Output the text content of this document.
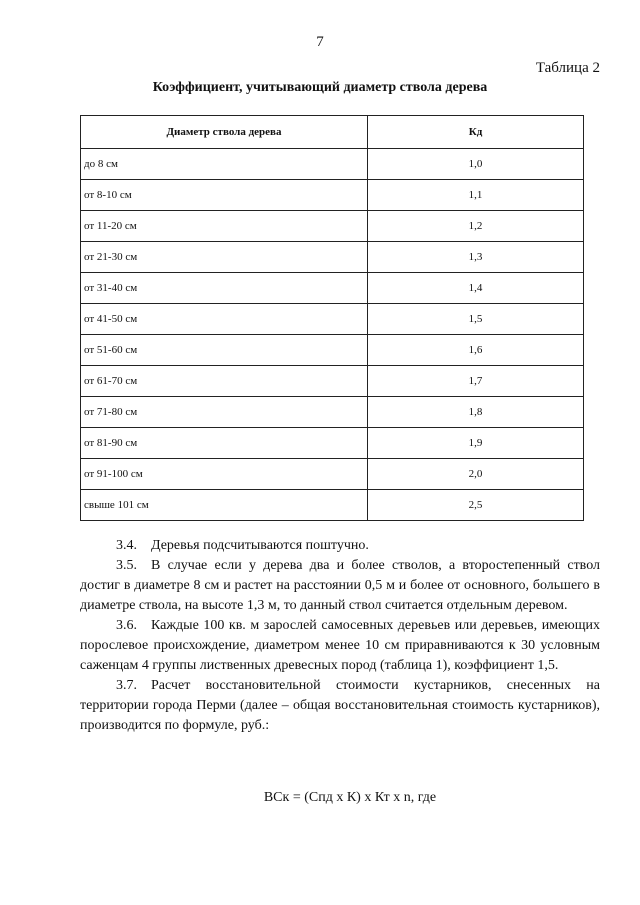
7
Таблица 2
Коэффициент, учитывающий диаметр ствола дерева
Диаметр ствола дерева	Кд
до 8 см	1,0
от 8-10 см	1,1
от 11-20 см	1,2
от 21-30 см	1,3
от 31-40 см	1,4
от 41-50 см	1,5
от 51-60 см	1,6
от 61-70 см	1,7
от 71-80 см	1,8
от 81-90 см	1,9
от 91-100 см	2,0
свыше 101 см	2,5

3.4. Деревья подсчитываются поштучно.

3.5. В случае если у дерева два и более стволов, а второстепенный ствол достиг в диаметре 8 см и растет на расстоянии 0,5 м и более от основного, большего в диаметре ствола, на высоте 1,3 м, то данный ствол считается отдельным деревом.

3.6. Каждые 100 кв. м зарослей самосевных деревьев или деревьев, имеющих порослевое происхождение, диаметром менее 10 см приравниваются к 30 условным саженцам 4 группы лиственных древесных пород (таблица 1), коэффициент 1,5.

3.7. Расчет восстановительной стоимости кустарников, снесенных на территории города Перми (далее – общая восстановительная стоимость кустарников), производится по формуле, руб.:

ВСк = (Спд х К) х Кт х n, где
